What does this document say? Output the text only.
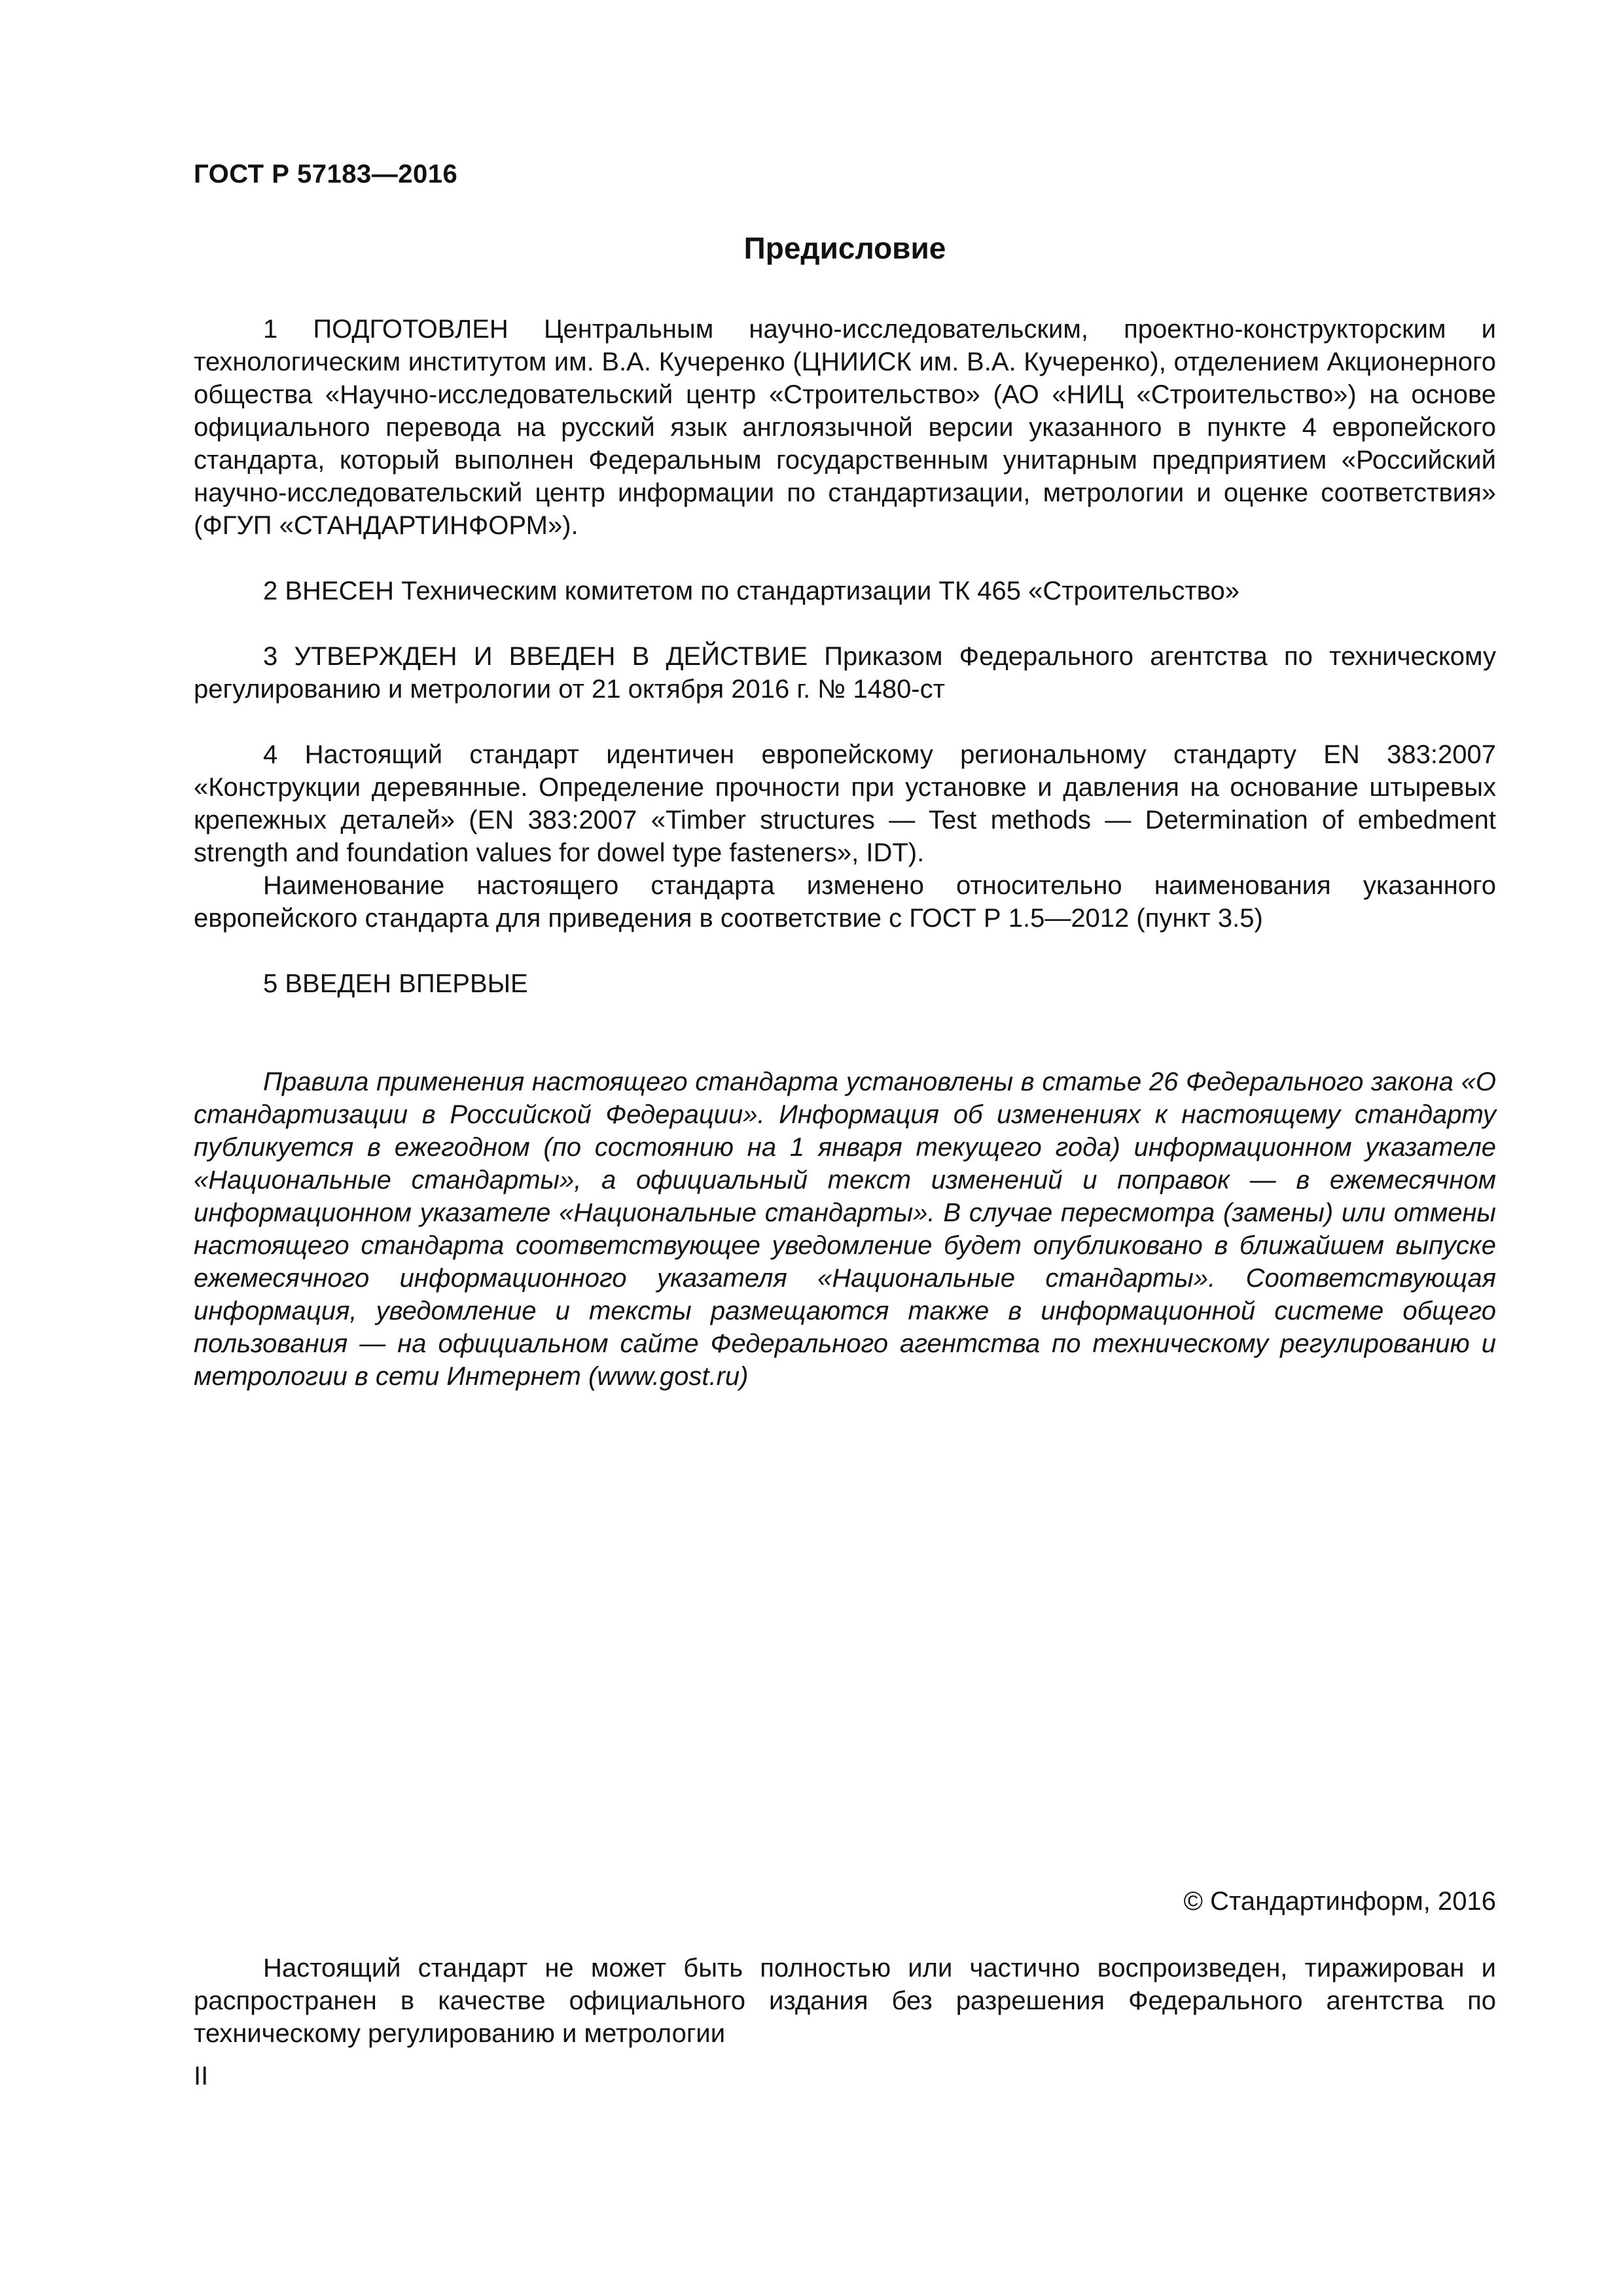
ГОСТ Р 57183—2016
Предисловие

1 ПОДГОТОВЛЕН Центральным научно-исследовательским, проектно-конструкторским и технологическим институтом им. В.А. Кучеренко (ЦНИИСК им. В.А. Кучеренко), отделением Акционерного общества «Научно-исследовательский центр «Строительство» (АО «НИЦ «Строительство») на основе официального перевода на русский язык англоязычной версии указанного в пункте 4 европейского стандарта, который выполнен Федеральным государственным унитарным предприятием «Российский научно-исследовательский центр информации по стандартизации, метрологии и оценке соответствия» (ФГУП «СТАНДАРТИНФОРМ»).

2 ВНЕСЕН Техническим комитетом по стандартизации ТК 465 «Строительство»

3 УТВЕРЖДЕН И ВВЕДЕН В ДЕЙСТВИЕ Приказом Федерального агентства по техническому регулированию и метрологии от 21 октября 2016 г. № 1480-ст

4 Настоящий стандарт идентичен европейскому региональному стандарту EN 383:2007 «Конструкции деревянные. Определение прочности при установке и давления на основание штыревых крепежных деталей» (EN 383:2007 «Timber structures — Test methods — Determination of embedment strength and foundation values for dowel type fasteners», IDT).

Наименование настоящего стандарта изменено относительно наименования указанного европейского стандарта для приведения в соответствие с ГОСТ Р 1.5—2012 (пункт 3.5)

5 ВВЕДЕН ВПЕРВЫЕ

Правила применения настоящего стандарта установлены в статье 26 Федерального закона «О стандартизации в Российской Федерации». Информация об изменениях к настоящему стандарту публикуется в ежегодном (по состоянию на 1 января текущего года) информационном указателе «Национальные стандарты», а официальный текст изменений и поправок — в ежемесячном информационном указателе «Национальные стандарты». В случае пересмотра (замены) или отмены настоящего стандарта соответствующее уведомление будет опубликовано в ближайшем выпуске ежемесячного информационного указателя «Национальные стандарты». Соответствующая информация, уведомление и тексты размещаются также в информационной системе общего пользования — на официальном сайте Федерального агентства по техническому регулированию и метрологии в сети Интернет (www.gost.ru)

© Стандартинформ, 2016

Настоящий стандарт не может быть полностью или частично воспроизведен, тиражирован и распространен в качестве официального издания без разрешения Федерального агентства по техническому регулированию и метрологии

II
